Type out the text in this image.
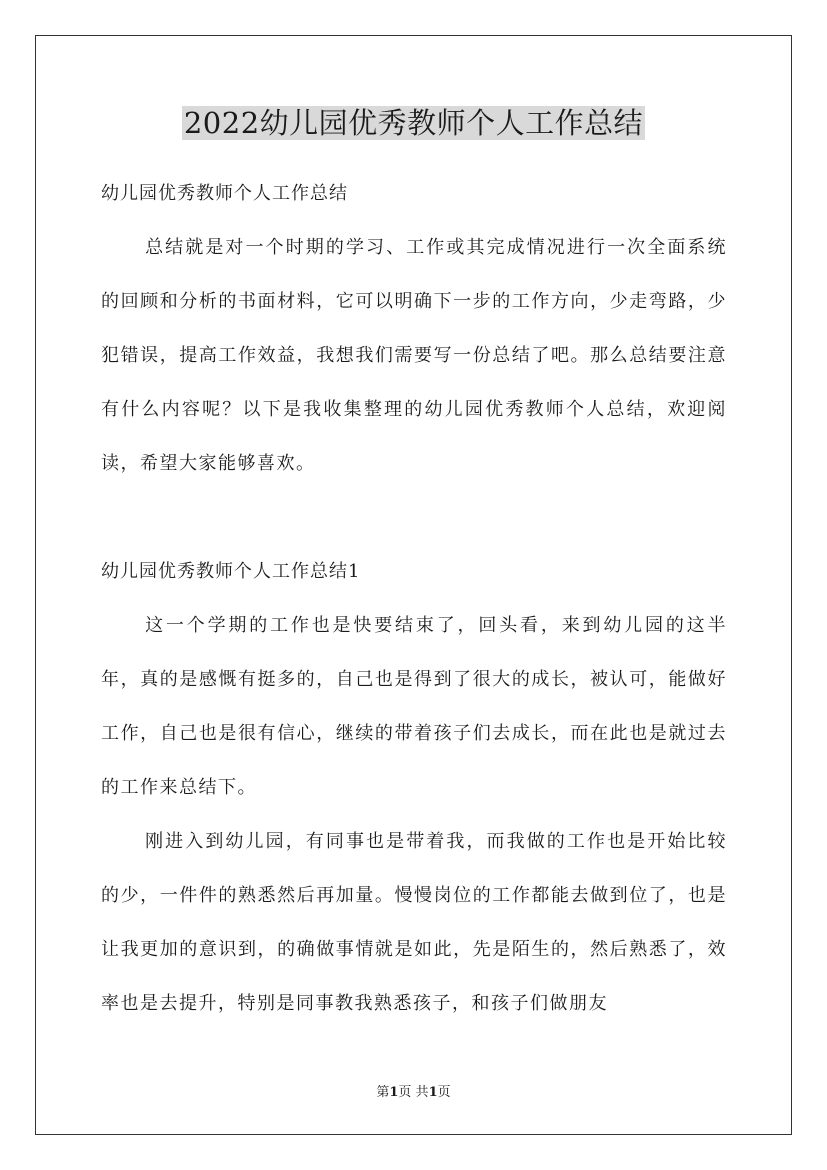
2022幼儿园优秀教师个人工作总结

幼儿园优秀教师个人工作总结

总结就是对一个时期的学习、工作或其完成情况进行一次全面系统的回顾和分析的书面材料，它可以明确下一步的工作方向，少走弯路，少犯错误，提高工作效益，我想我们需要写一份总结了吧。那么总结要注意有什么内容呢？以下是我收集整理的幼儿园优秀教师个人总结，欢迎阅读，希望大家能够喜欢。

幼儿园优秀教师个人工作总结1

这一个学期的工作也是快要结束了，回头看，来到幼儿园的这半年，真的是感慨有挺多的，自己也是得到了很大的成长，被认可，能做好工作，自己也是很有信心，继续的带着孩子们去成长，而在此也是就过去的工作来总结下。

刚进入到幼儿园，有同事也是带着我，而我做的工作也是开始比较的少，一件件的熟悉然后再加量。慢慢岗位的工作都能去做到位了，也是让我更加的意识到，的确做事情就是如此，先是陌生的，然后熟悉了，效率也是去提升，特别是同事教我熟悉孩子，和孩子们做朋友

第1页 共1页
